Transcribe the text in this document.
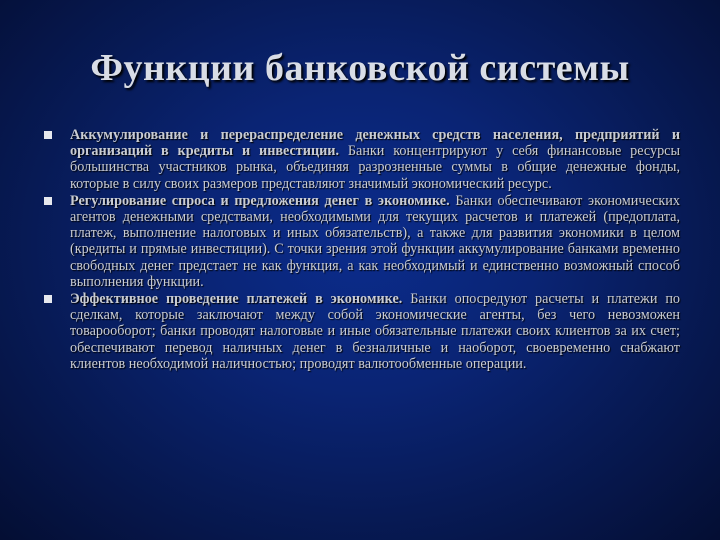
Функции банковской системы
Аккумулирование и перераспределение денежных средств населения, предприятий и организаций в кредиты и инвестиции. Банки концентрируют у себя финансовые ресурсы большинства участников рынка, объединяя разрозненные суммы в общие денежные фонды, которые в силу своих размеров представляют значимый экономический ресурс.
Регулирование спроса и предложения денег в экономике. Банки обеспечивают экономических агентов денежными средствами, необходимыми для текущих расчетов и платежей (предоплата, платеж, выполнение налоговых и иных обязательств), а также для развития экономики в целом (кредиты и прямые инвестиции). С точки зрения этой функции аккумулирование банками временно свободных денег предстает не как функция, а как необходимый и единственно возможный способ выполнения функции.
Эффективное проведение платежей в экономике. Банки опосредуют расчеты и платежи по сделкам, которые заключают между собой экономические агенты, без чего невозможен товарооборот; банки проводят налоговые и иные обязательные платежи своих клиентов за их счет; обеспечивают перевод наличных денег в безналичные и наоборот, своевременно снабжают клиентов необходимой наличностью; проводят валютообменные операции.
